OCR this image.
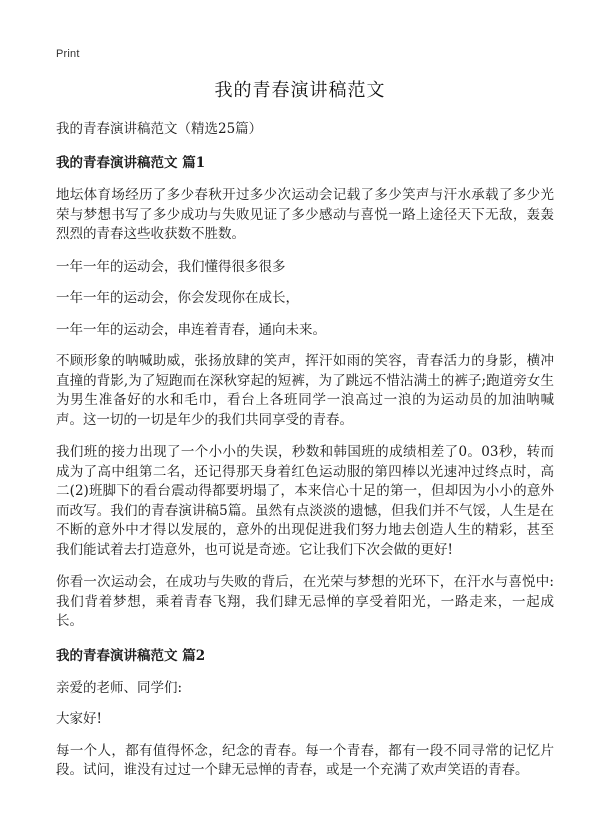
Print
我的青春演讲稿范文

我的青春演讲稿范文（精选25篇）

我的青春演讲稿范文 篇1

地坛体育场经历了多少春秋开过多少次运动会记载了多少笑声与汗水承载了多少光荣与梦想书写了多少成功与失败见证了多少感动与喜悦一路上途径天下无敌，轰轰烈烈的青春这些收获数不胜数。

一年一年的运动会，我们懂得很多很多

一年一年的运动会，你会发现你在成长，

一年一年的运动会，串连着青春，通向未来。

不顾形象的呐喊助威，张扬放肆的笑声，挥汗如雨的笑容，青春活力的身影，横冲直撞的背影,为了短跑而在深秋穿起的短裤，为了跳远不惜沾满土的裤子;跑道旁女生为男生准备好的水和毛巾，看台上各班同学一浪高过一浪的为运动员的加油呐喊声。这一切的一切是年少的我们共同享受的青春。

我们班的接力出现了一个小小的失误，秒数和韩国班的成绩相差了0。03秒，转而成为了高中组第二名，还记得那天身着红色运动服的第四棒以光速冲过终点时，高二(2)班脚下的看台震动得都要坍塌了，本来信心十足的第一，但却因为小小的意外而改写。我们的青春演讲稿5篇。虽然有点淡淡的遗憾，但我们并不气馁，人生是在不断的意外中才得以发展的，意外的出现促进我们努力地去创造人生的精彩，甚至我们能试着去打造意外，也可说是奇迹。它让我们下次会做的更好!

你看一次运动会，在成功与失败的背后，在光荣与梦想的光环下，在汗水与喜悦中:我们背着梦想，乘着青春飞翔，我们肆无忌惮的享受着阳光，一路走来，一起成长。

我的青春演讲稿范文 篇2

亲爱的老师、同学们:

大家好!

每一个人，都有值得怀念，纪念的青春。每一个青春，都有一段不同寻常的记忆片段。试问，谁没有过过一个肆无忌惮的青春，或是一个充满了欢声笑语的青春。
